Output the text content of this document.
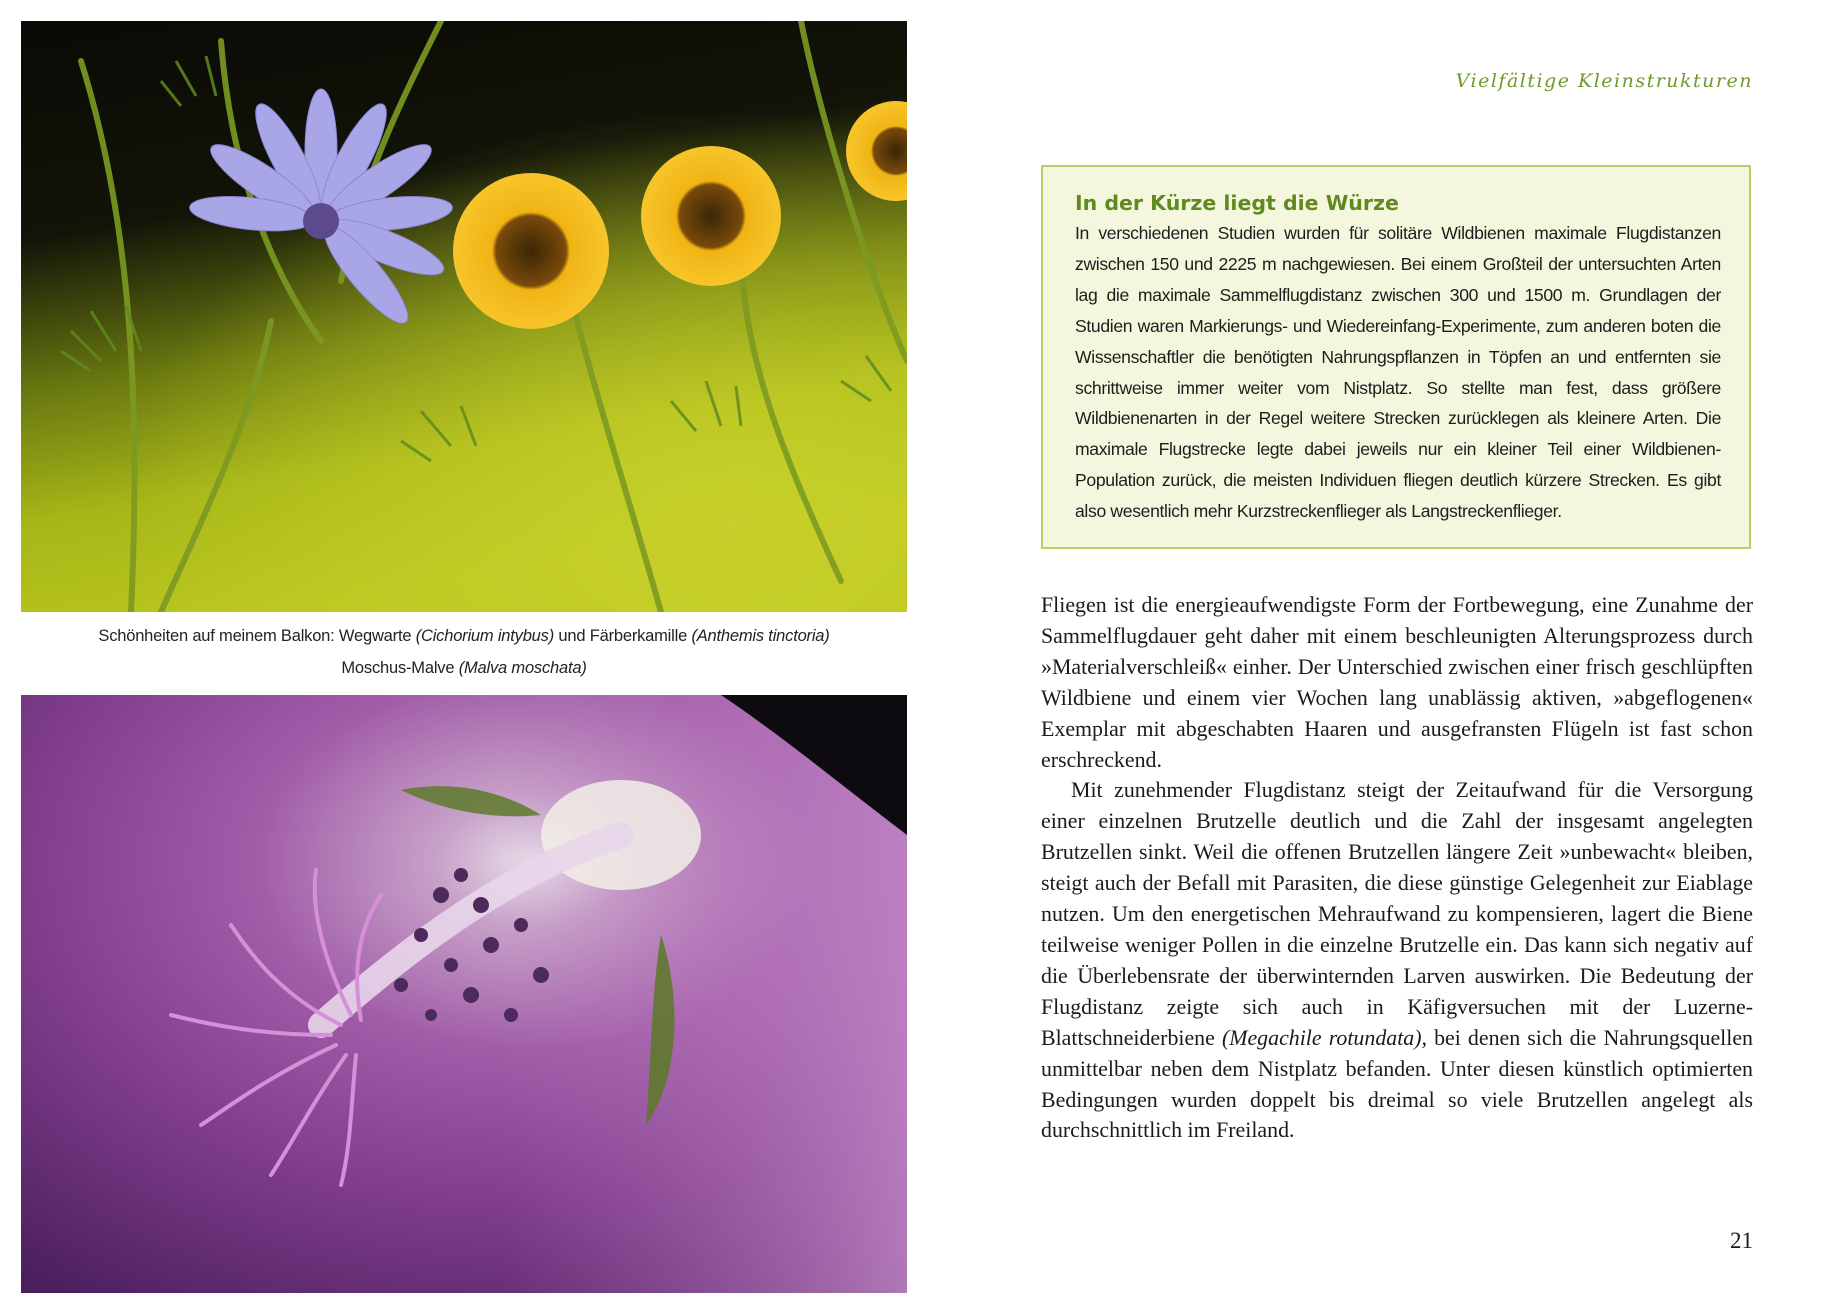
Schönheiten auf meinem Balkon: Wegwarte (Cichorium intybus) und Färberkamille (Anthemis tinctoria)
Moschus-Malve (Malva moschata)
Vielfältige Kleinstrukturen
In der Kürze liegt die Würze

In verschiedenen Studien wurden für solitäre Wildbienen maximale Flugdistanzen zwischen 150 und 2225 m nachgewiesen. Bei einem Großteil der untersuchten Arten lag die maximale Sammelflugdistanz zwischen 300 und 1500 m. Grundlagen der Studien waren Markierungs- und Wiedereinfang-Experimente, zum anderen boten die Wissenschaftler die benötigten Nahrungspflanzen in Töpfen an und entfernten sie schrittweise immer weiter vom Nistplatz. So stellte man fest, dass größere Wildbienenarten in der Regel weitere Strecken zurücklegen als kleinere Arten. Die maximale Flugstrecke legte dabei jeweils nur ein kleiner Teil einer Wildbienen-Population zurück, die meisten Individuen fliegen deutlich kürzere Strecken. Es gibt also wesentlich mehr Kurzstreckenflieger als Langstreckenflieger.

Fliegen ist die energieaufwendigste Form der Fortbewegung, eine Zunahme der Sammelflugdauer geht daher mit einem beschleunigten Alterungsprozess durch »Materialverschleiß« einher. Der Unterschied zwischen einer frisch geschlüpften Wildbiene und einem vier Wochen lang unablässig aktiven, »abgeflogenen« Exemplar mit abgeschabten Haaren und ausgefransten Flügeln ist fast schon erschreckend.

Mit zunehmender Flugdistanz steigt der Zeitaufwand für die Versorgung einer einzelnen Brutzelle deutlich und die Zahl der insgesamt angelegten Brutzellen sinkt. Weil die offenen Brutzellen längere Zeit »unbewacht« bleiben, steigt auch der Befall mit Parasiten, die diese günstige Gelegenheit zur Eiablage nutzen. Um den energetischen Mehraufwand zu kompensieren, lagert die Biene teilweise weniger Pollen in die einzelne Brutzelle ein. Das kann sich negativ auf die Überlebensrate der überwinternden Larven auswirken. Die Bedeutung der Flugdistanz zeigte sich auch in Käfigversuchen mit der Luzerne-Blattschneiderbiene (Megachile rotundata), bei denen sich die Nahrungsquellen unmittelbar neben dem Nistplatz befanden. Unter diesen künstlich optimierten Bedingungen wurden doppelt bis dreimal so viele Brutzellen angelegt als durchschnittlich im Freiland.

21
